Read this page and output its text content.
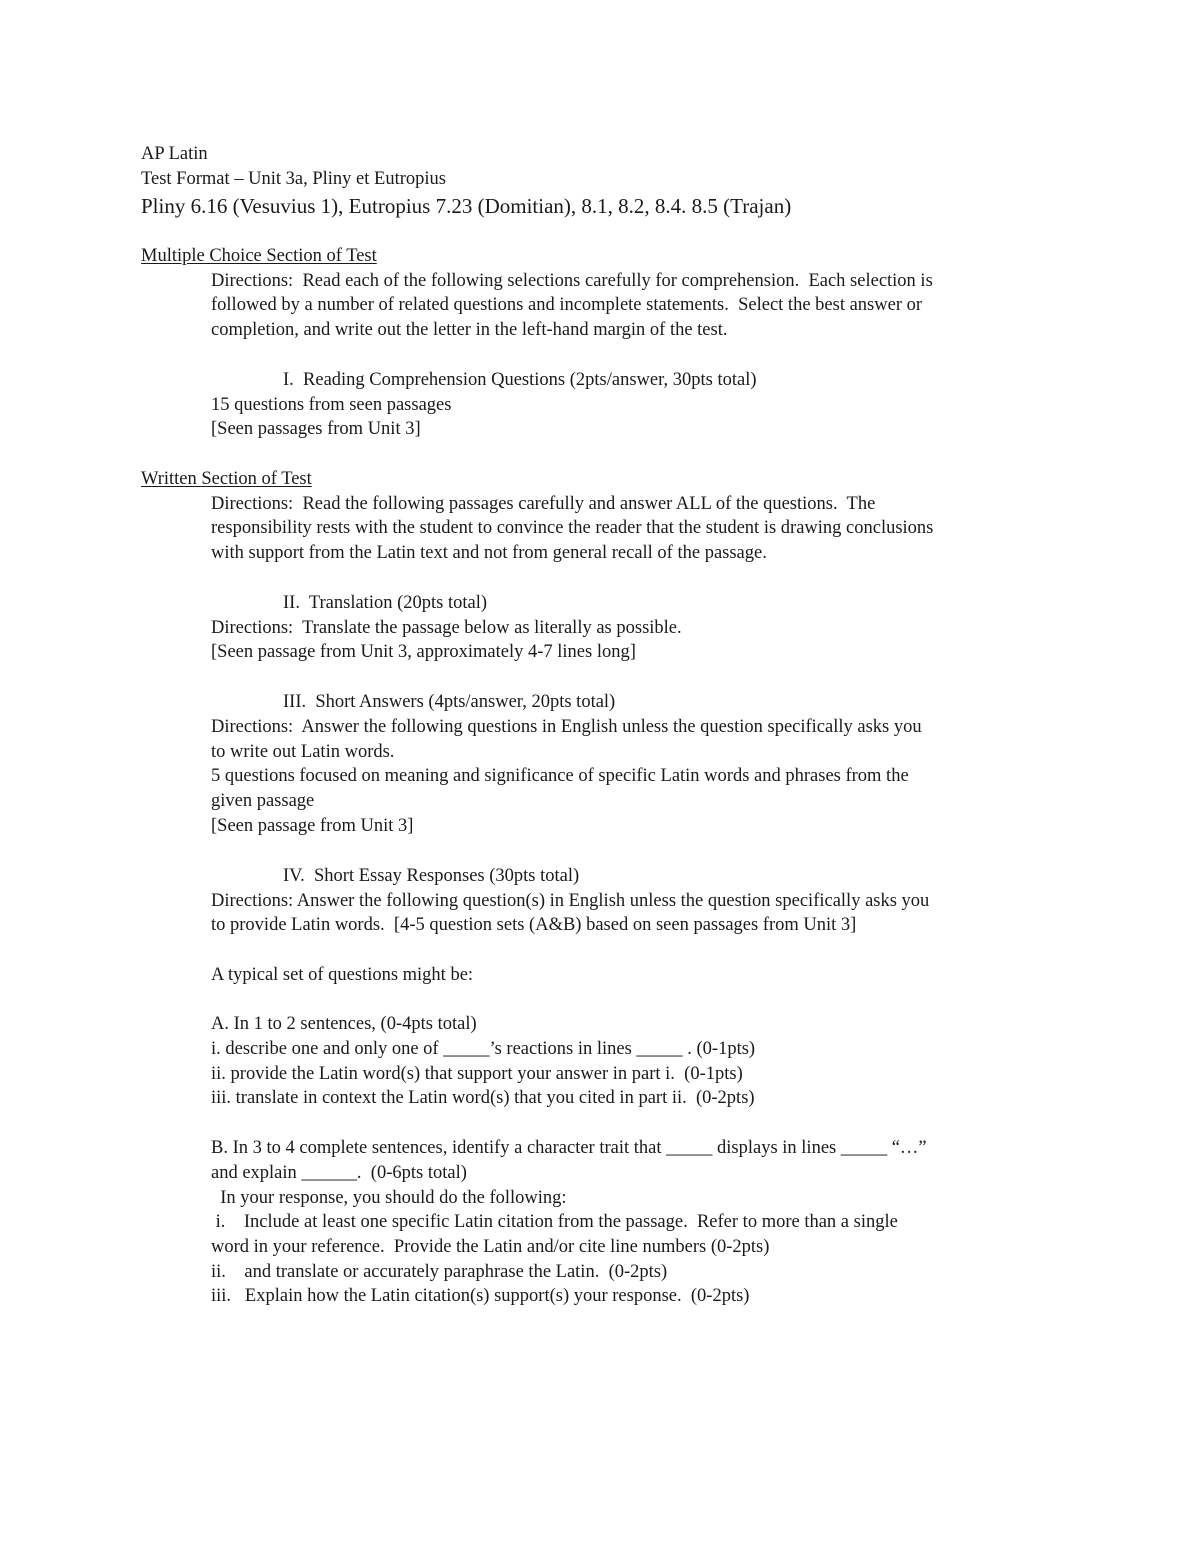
AP Latin
Test Format – Unit 3a, Pliny et Eutropius
Pliny 6.16 (Vesuvius 1), Eutropius 7.23 (Domitian), 8.1, 8.2, 8.4. 8.5 (Trajan)
Multiple Choice Section of Test
Directions:  Read each of the following selections carefully for comprehension.  Each selection is
followed by a number of related questions and incomplete statements.  Select the best answer or
completion, and write out the letter in the left-hand margin of the test.
I.  Reading Comprehension Questions (2pts/answer, 30pts total)
15 questions from seen passages
[Seen passages from Unit 3]
Written Section of Test
Directions:  Read the following passages carefully and answer ALL of the questions.  The
responsibility rests with the student to convince the reader that the student is drawing conclusions
with support from the Latin text and not from general recall of the passage.
II.  Translation (20pts total)
Directions:  Translate the passage below as literally as possible.
[Seen passage from Unit 3, approximately 4-7 lines long]
III.  Short Answers (4pts/answer, 20pts total)
Directions:  Answer the following questions in English unless the question specifically asks you
to write out Latin words.
5 questions focused on meaning and significance of specific Latin words and phrases from the
given passage
[Seen passage from Unit 3]
IV.  Short Essay Responses (30pts total)
Directions: Answer the following question(s) in English unless the question specifically asks you
to provide Latin words.  [4-5 question sets (A&B) based on seen passages from Unit 3]
A typical set of questions might be:
A. In 1 to 2 sentences, (0-4pts total)
i. describe one and only one of _____’s reactions in lines _____ . (0-1pts)
ii. provide the Latin word(s) that support your answer in part i.  (0-1pts)
iii. translate in context the Latin word(s) that you cited in part ii.  (0-2pts)
B. In 3 to 4 complete sentences, identify a character trait that _____ displays in lines _____ “…”
and explain ______.  (0-6pts total)
In your response, you should do the following:
i.    Include at least one specific Latin citation from the passage.  Refer to more than a single
word in your reference.  Provide the Latin and/or cite line numbers (0-2pts)
ii.    and translate or accurately paraphrase the Latin.  (0-2pts)
iii.   Explain how the Latin citation(s) support(s) your response.  (0-2pts)
